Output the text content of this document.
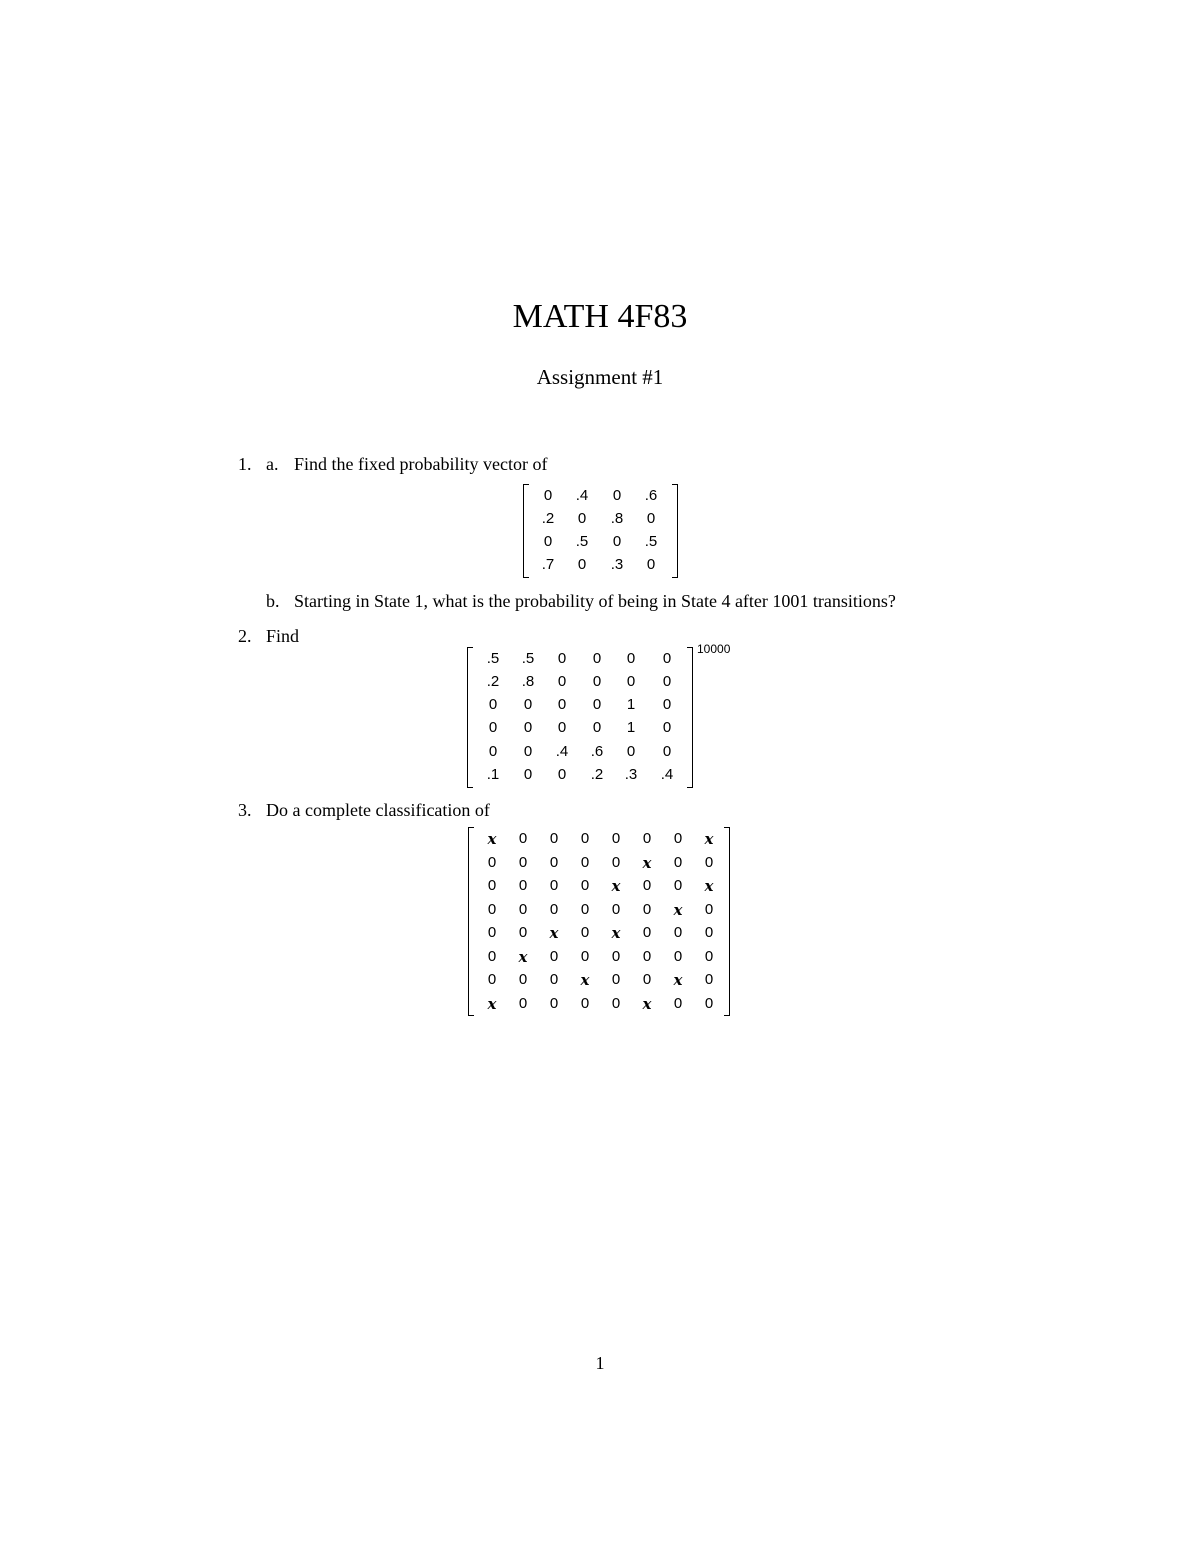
MATH 4F83
Assignment #1
1. a. Find the fixed probability vector of
0	.4	0	.6
.2	0	.8	0
0	.5	0	.5
.7	0	.3	0
b. Starting in State 1, what is the probability of being in State 4 after 1001 transitions?
2. Find
.5	.5	0	0	0	0
.2	.8	0	0	0	0
0	0	0	0	1	0
0	0	0	0	1	0
0	0	.4	.6	0	0
.1	0	0	.2	.3	.4
10000
3. Do a complete classification of
x	0	0	0	0	0	0	x
0	0	0	0	0	x	0	0
0	0	0	0	x	0	0	x
0	0	0	0	0	0	x	0
0	0	x	0	x	0	0	0
0	x	0	0	0	0	0	0
0	0	0	x	0	0	x	0
x	0	0	0	0	x	0	0
1
